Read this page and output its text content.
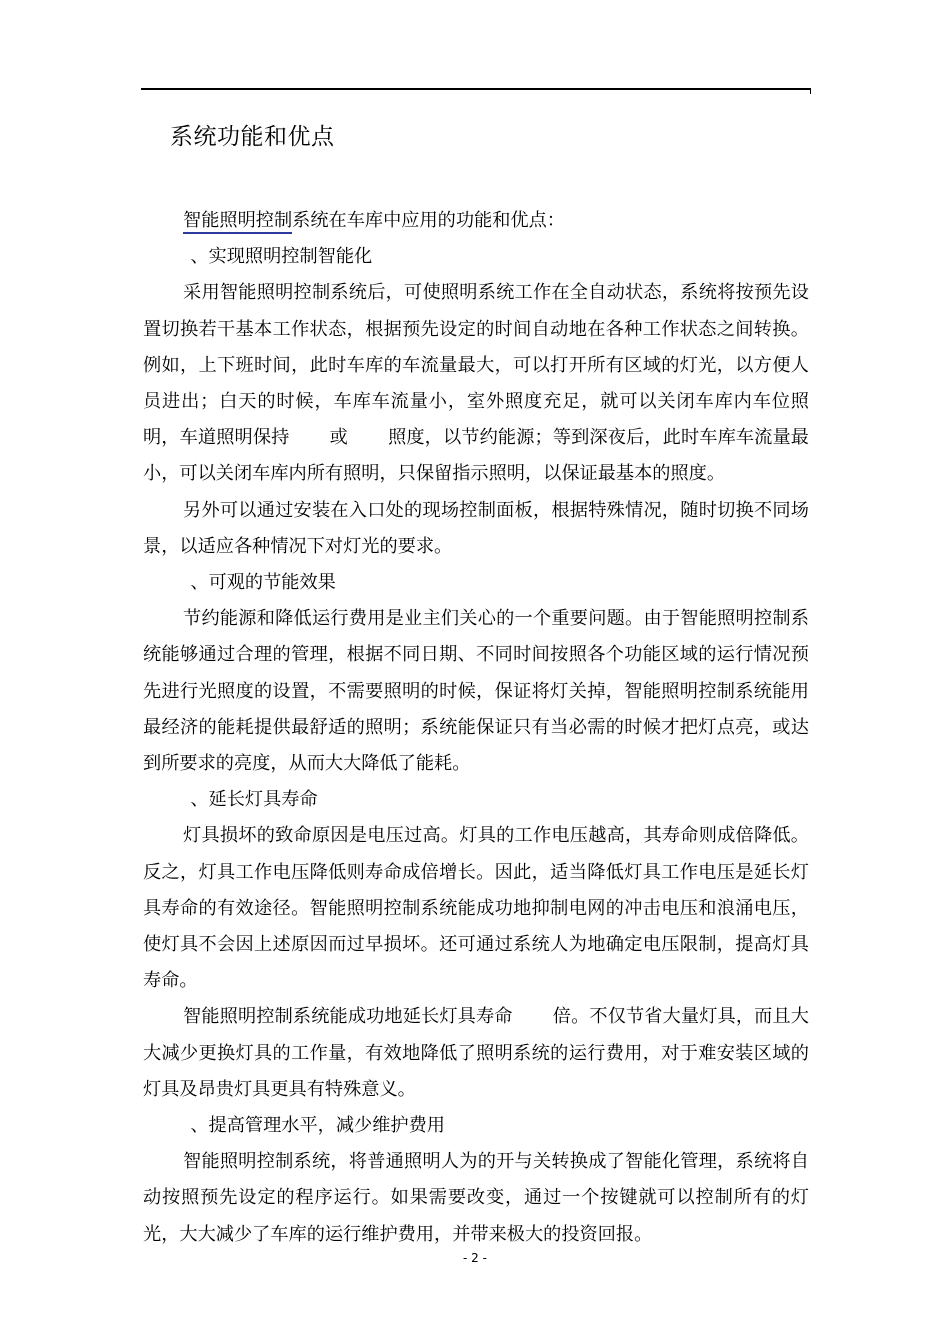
系统功能和优点

智能照明控制系统在车库中应用的功能和优点：

、实现照明控制智能化

采用智能照明控制系统后，可使照明系统工作在全自动状态，系统将按预先设置切换若干基本工作状态，根据预先设定的时间自动地在各种工作状态之间转换。例如，上下班时间，此时车库的车流量最大，可以打开所有区域的灯光，以方便人员进出；白天的时候，车库车流量小，室外照度充足，就可以关闭车库内车位照明，车道照明保持 或 照度，以节约能源；等到深夜后，此时车库车流量最小，可以关闭车库内所有照明，只保留指示照明，以保证最基本的照度。

另外可以通过安装在入口处的现场控制面板，根据特殊情况，随时切换不同场景，以适应各种情况下对灯光的要求。

、可观的节能效果

节约能源和降低运行费用是业主们关心的一个重要问题。由于智能照明控制系统能够通过合理的管理，根据不同日期、不同时间按照各个功能区域的运行情况预先进行光照度的设置，不需要照明的时候，保证将灯关掉，智能照明控制系统能用最经济的能耗提供最舒适的照明；系统能保证只有当必需的时候才把灯点亮，或达到所要求的亮度，从而大大降低了能耗。

、延长灯具寿命

灯具损坏的致命原因是电压过高。灯具的工作电压越高，其寿命则成倍降低。反之，灯具工作电压降低则寿命成倍增长。因此，适当降低灯具工作电压是延长灯具寿命的有效途径。智能照明控制系统能成功地抑制电网的冲击电压和浪涌电压，使灯具不会因上述原因而过早损坏。还可通过系统人为地确定电压限制，提高灯具寿命。

智能照明控制系统能成功地延长灯具寿命 倍。不仅节省大量灯具，而且大大减少更换灯具的工作量，有效地降低了照明系统的运行费用，对于难安装区域的灯具及昂贵灯具更具有特殊意义。

、提高管理水平，减少维护费用

智能照明控制系统，将普通照明人为的开与关转换成了智能化管理，系统将自动按照预先设定的程序运行。如果需要改变，通过一个按键就可以控制所有的灯光，大大减少了车库的运行维护费用，并带来极大的投资回报。

- 2 -
